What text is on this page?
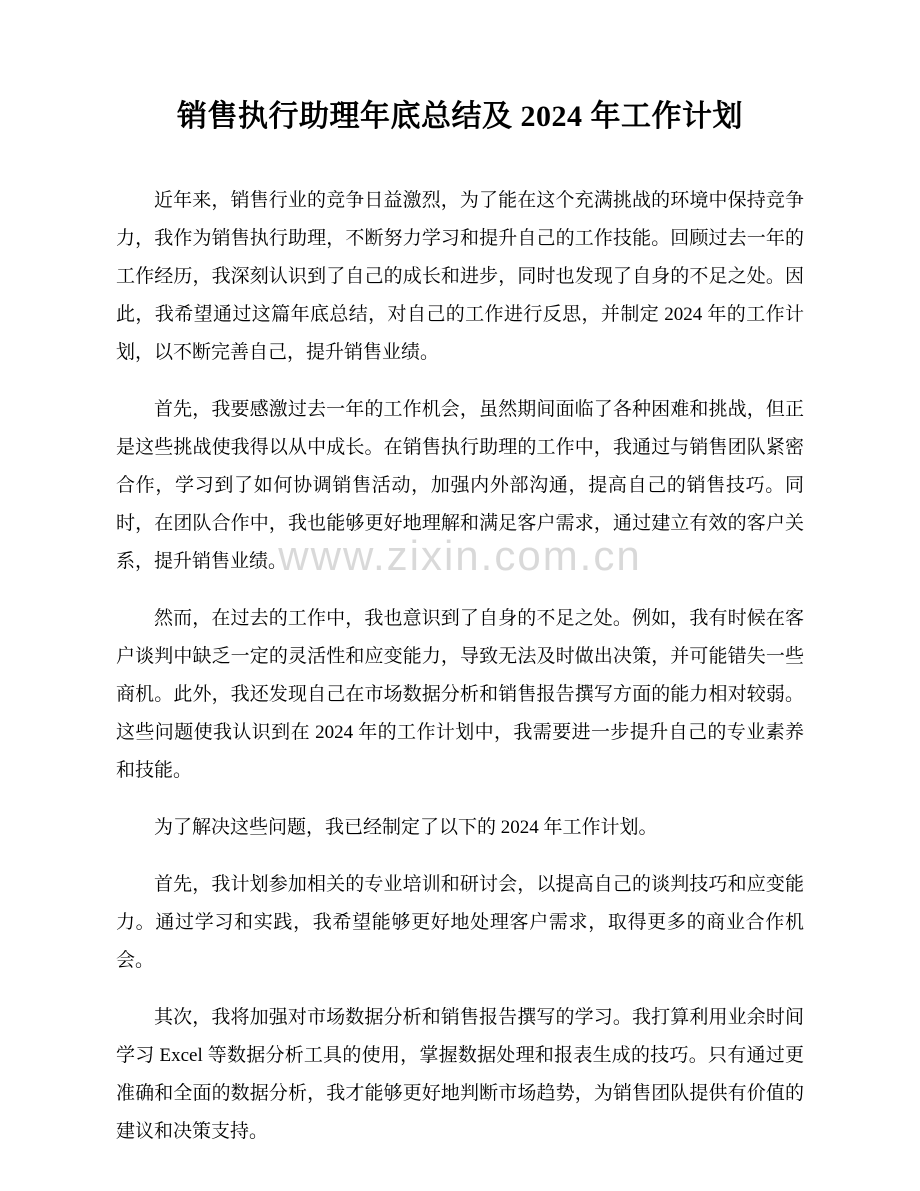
销售执行助理年底总结及 2024 年工作计划

近年来，销售行业的竞争日益激烈，为了能在这个充满挑战的环境中保持竞争力，我作为销售执行助理，不断努力学习和提升自己的工作技能。回顾过去一年的工作经历，我深刻认识到了自己的成长和进步，同时也发现了自身的不足之处。因此，我希望通过这篇年底总结，对自己的工作进行反思，并制定 2024 年的工作计划，以不断完善自己，提升销售业绩。

首先，我要感激过去一年的工作机会，虽然期间面临了各种困难和挑战，但正是这些挑战使我得以从中成长。在销售执行助理的工作中，我通过与销售团队紧密合作，学习到了如何协调销售活动，加强内外部沟通，提高自己的销售技巧。同时，在团队合作中，我也能够更好地理解和满足客户需求，通过建立有效的客户关系，提升销售业绩。

然而，在过去的工作中，我也意识到了自身的不足之处。例如，我有时候在客户谈判中缺乏一定的灵活性和应变能力，导致无法及时做出决策，并可能错失一些商机。此外，我还发现自己在市场数据分析和销售报告撰写方面的能力相对较弱。这些问题使我认识到在 2024 年的工作计划中，我需要进一步提升自己的专业素养和技能。

为了解决这些问题，我已经制定了以下的 2024 年工作计划。

首先，我计划参加相关的专业培训和研讨会，以提高自己的谈判技巧和应变能力。通过学习和实践，我希望能够更好地处理客户需求，取得更多的商业合作机会。

其次，我将加强对市场数据分析和销售报告撰写的学习。我打算利用业余时间学习 Excel 等数据分析工具的使用，掌握数据处理和报表生成的技巧。只有通过更准确和全面的数据分析，我才能够更好地判断市场趋势，为销售团队提供有价值的建议和决策支持。

www.zixin.com.cn
